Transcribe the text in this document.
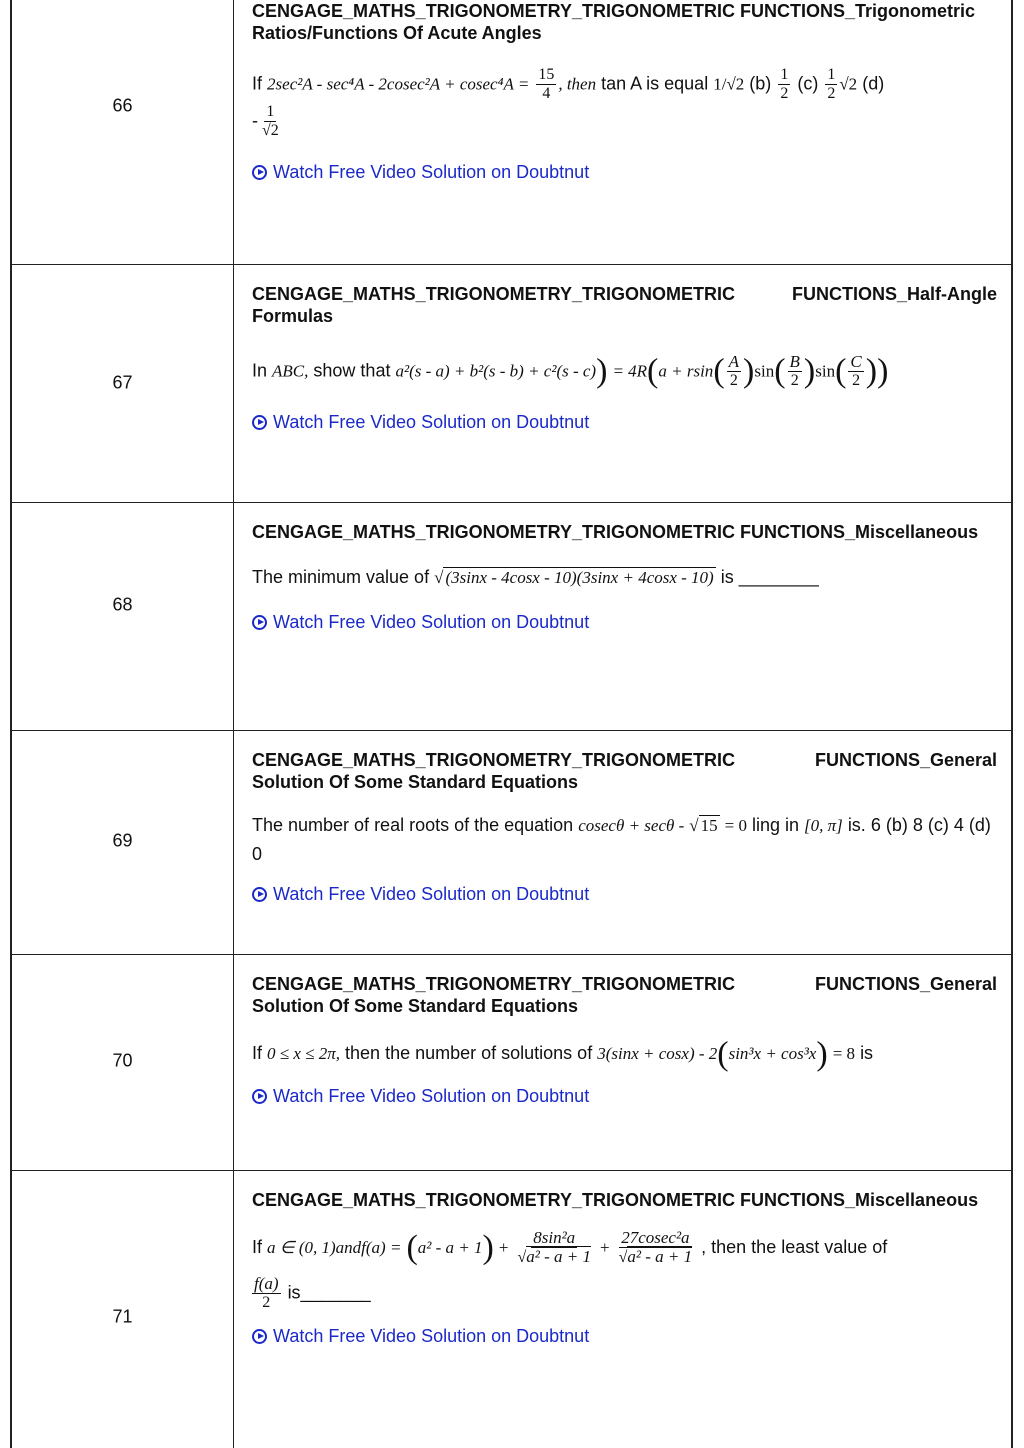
66
CENGAGE_MATHS_TRIGONOMETRY_TRIGONOMETRIC FUNCTIONS_Trigonometric Ratios/Functions Of Acute Angles
If $2\sec^2A - \sec^4A - 2cosec^2A + cosec^4A = \frac{15}{4}$ , then tan A is equal 1/√2 $(b) \frac{1}{2} (c) \frac{1}{2} √2$ (d)
- $\frac{1}{√2}$
Watch Free Video Solution on Doubtnut
67
CENGAGE_MATHS_TRIGONOMETRY_TRIGONOMETRIC FUNCTIONS_Half-Angle Formulas
In ABC, show that $a^2(s - a) + b^2(s - b) + c^2(s - c)) = 4R(a + rsin( \frac{A}{2} )\sin( \frac{B}{2} )\sin( \frac{C}{2}$ ))
Watch Free Video Solution on Doubtnut
68
CENGAGE_MATHS_TRIGONOMETRY_TRIGONOMETRIC FUNCTIONS_Miscellaneous
The minimum value of √ (3sinx - 4cosx - 10)(3sinx + 4cosx - 10) is ________
Watch Free Video Solution on Doubtnut
69
CENGAGE_MATHS_TRIGONOMETRY_TRIGONOMETRIC FUNCTIONS_General Solution Of Some Standard Equations
The number of real roots of the equation cosecθ + secθ - √ 15 = 0 ling in [0, π] is. 6 (b) 8 (c) 4 (d) 0
Watch Free Video Solution on Doubtnut
70
CENGAGE_MATHS_TRIGONOMETRY_TRIGONOMETRIC FUNCTIONS_General Solution Of Some Standard Equations
If 0 ≤ x ≤ 2π, then the number of solutions of 3(sinx + cosx) - 2(sin³x + cos³x) = 8 is
Watch Free Video Solution on Doubtnut
71
CENGAGE_MATHS_TRIGONOMETRY_TRIGONOMETRIC FUNCTIONS_Miscellaneous
If a ∈ (0, 1)andf(a) = $(a^2 - a + 1) + \frac{\text{8sin²a}}{\text{√a² - a + 1}} + \frac{\text{27cosec²a}}{\text{√a² - a + 1}}$ , then the least value of
$\frac{f(a)}{2}$ is_______
Watch Free Video Solution on Doubtnut
